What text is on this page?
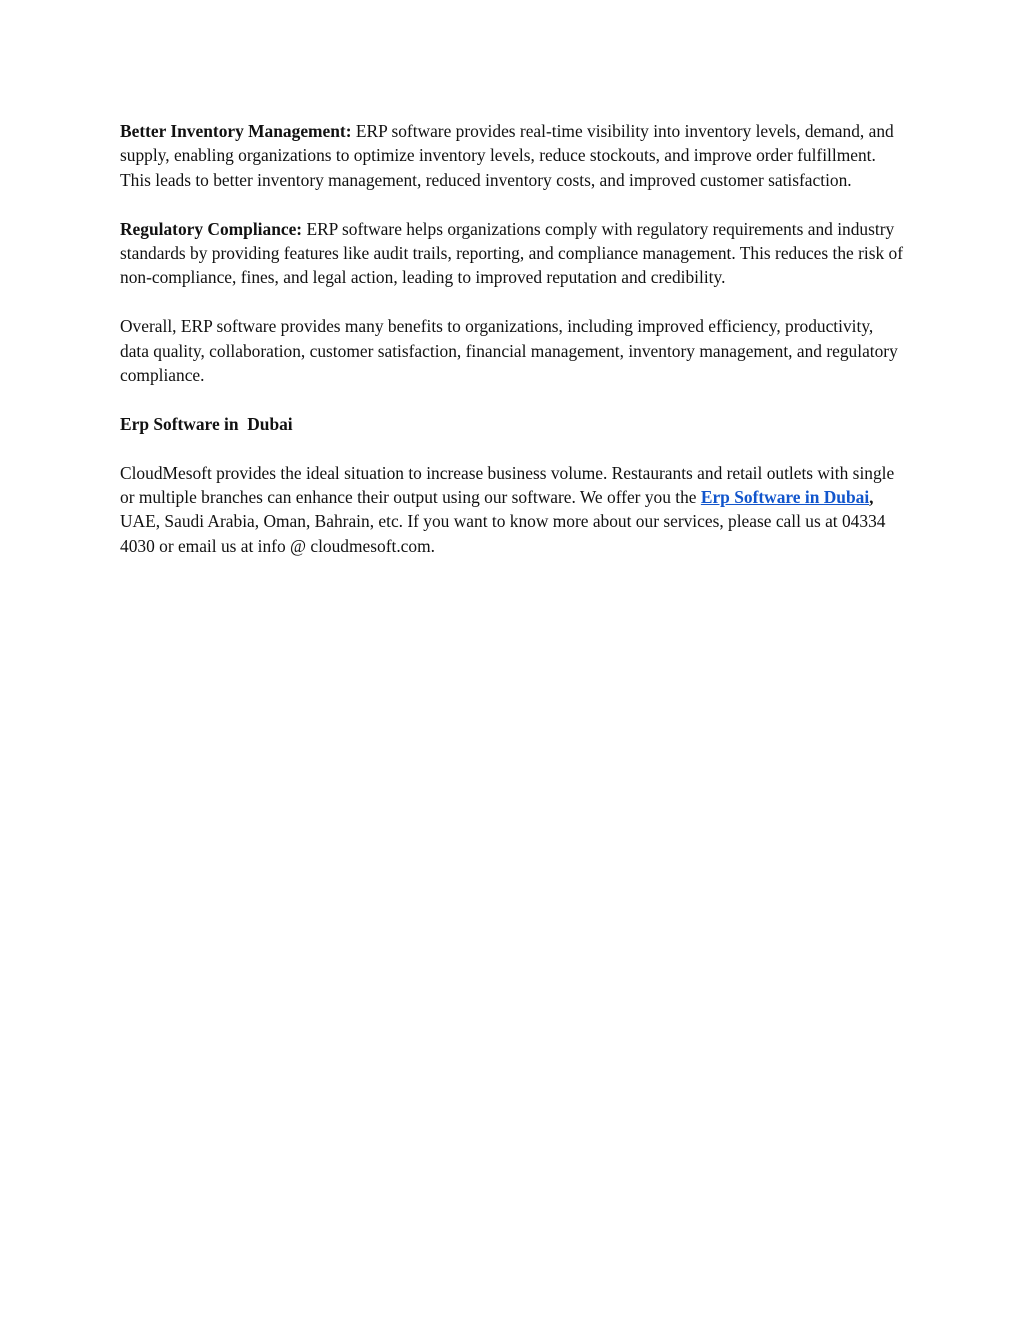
Better Inventory Management: ERP software provides real-time visibility into inventory levels, demand, and supply, enabling organizations to optimize inventory levels, reduce stockouts, and improve order fulfillment. This leads to better inventory management, reduced inventory costs, and improved customer satisfaction.

Regulatory Compliance: ERP software helps organizations comply with regulatory requirements and industry standards by providing features like audit trails, reporting, and compliance management. This reduces the risk of non-compliance, fines, and legal action, leading to improved reputation and credibility.

Overall, ERP software provides many benefits to organizations, including improved efficiency, productivity, data quality, collaboration, customer satisfaction, financial management, inventory management, and regulatory compliance.

Erp Software in  Dubai

CloudMesoft provides the ideal situation to increase business volume. Restaurants and retail outlets with single or multiple branches can enhance their output using our software. We offer you the Erp Software in Dubai, UAE, Saudi Arabia, Oman, Bahrain, etc. If you want to know more about our services, please call us at 04334 4030 or email us at info @ cloudmesoft.com.
